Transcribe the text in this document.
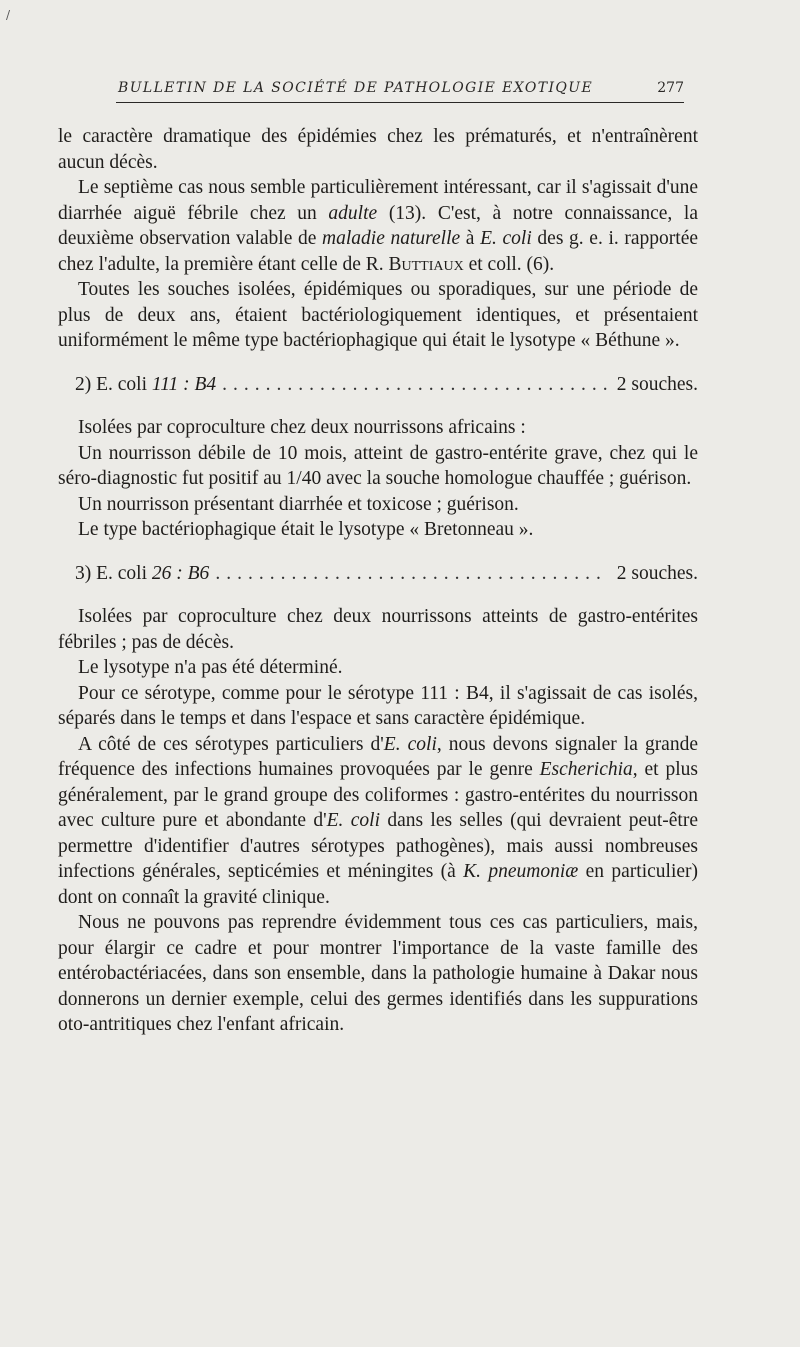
/
BULLETIN DE LA SOCIÉTÉ DE PATHOLOGIE EXOTIQUE	277

le caractère dramatique des épidémies chez les prématurés, et n'entraînèrent aucun décès.

Le septième cas nous semble particulièrement intéressant, car il s'agissait d'une diarrhée aiguë fébrile chez un adulte (13). C'est, à notre connaissance, la deuxième observation valable de maladie naturelle à E. coli des g. e. i. rapportée chez l'adulte, la première étant celle de R. Buttiaux et coll. (6).

Toutes les souches isolées, épidémiques ou sporadiques, sur une période de plus de deux ans, étaient bactériologiquement identiques, et présentaient uniformément le même type bactériophagique qui était le lysotype « Béthune ».

2) E. coli 111 : B4 .................................... 2 souches.

Isolées par coproculture chez deux nourrissons africains :

Un nourrisson débile de 10 mois, atteint de gastro-entérite grave, chez qui le séro-diagnostic fut positif au 1/40 avec la souche homologue chauffée ; guérison.

Un nourrisson présentant diarrhée et toxicose ; guérison.

Le type bactériophagique était le lysotype « Bretonneau ».

3) E. coli 26 : B6 .................................... 2 souches.

Isolées par coproculture chez deux nourrissons atteints de gastro-entérites fébriles ; pas de décès.

Le lysotype n'a pas été déterminé.

Pour ce sérotype, comme pour le sérotype 111 : B4, il s'agissait de cas isolés, séparés dans le temps et dans l'espace et sans caractère épidémique.

A côté de ces sérotypes particuliers d'E. coli, nous devons signaler la grande fréquence des infections humaines provoquées par le genre Escherichia, et plus généralement, par le grand groupe des coliformes : gastro-entérites du nourrisson avec culture pure et abondante d'E. coli dans les selles (qui devraient peut-être permettre d'identifier d'autres sérotypes pathogènes), mais aussi nombreuses infections générales, septicémies et méningites (à K. pneumoniæ en particulier) dont on connaît la gravité clinique.

Nous ne pouvons pas reprendre évidemment tous ces cas particuliers, mais, pour élargir ce cadre et pour montrer l'importance de la vaste famille des entérobactériacées, dans son ensemble, dans la pathologie humaine à Dakar nous donnerons un dernier exemple, celui des germes identifiés dans les suppurations oto-antritiques chez l'enfant africain.
